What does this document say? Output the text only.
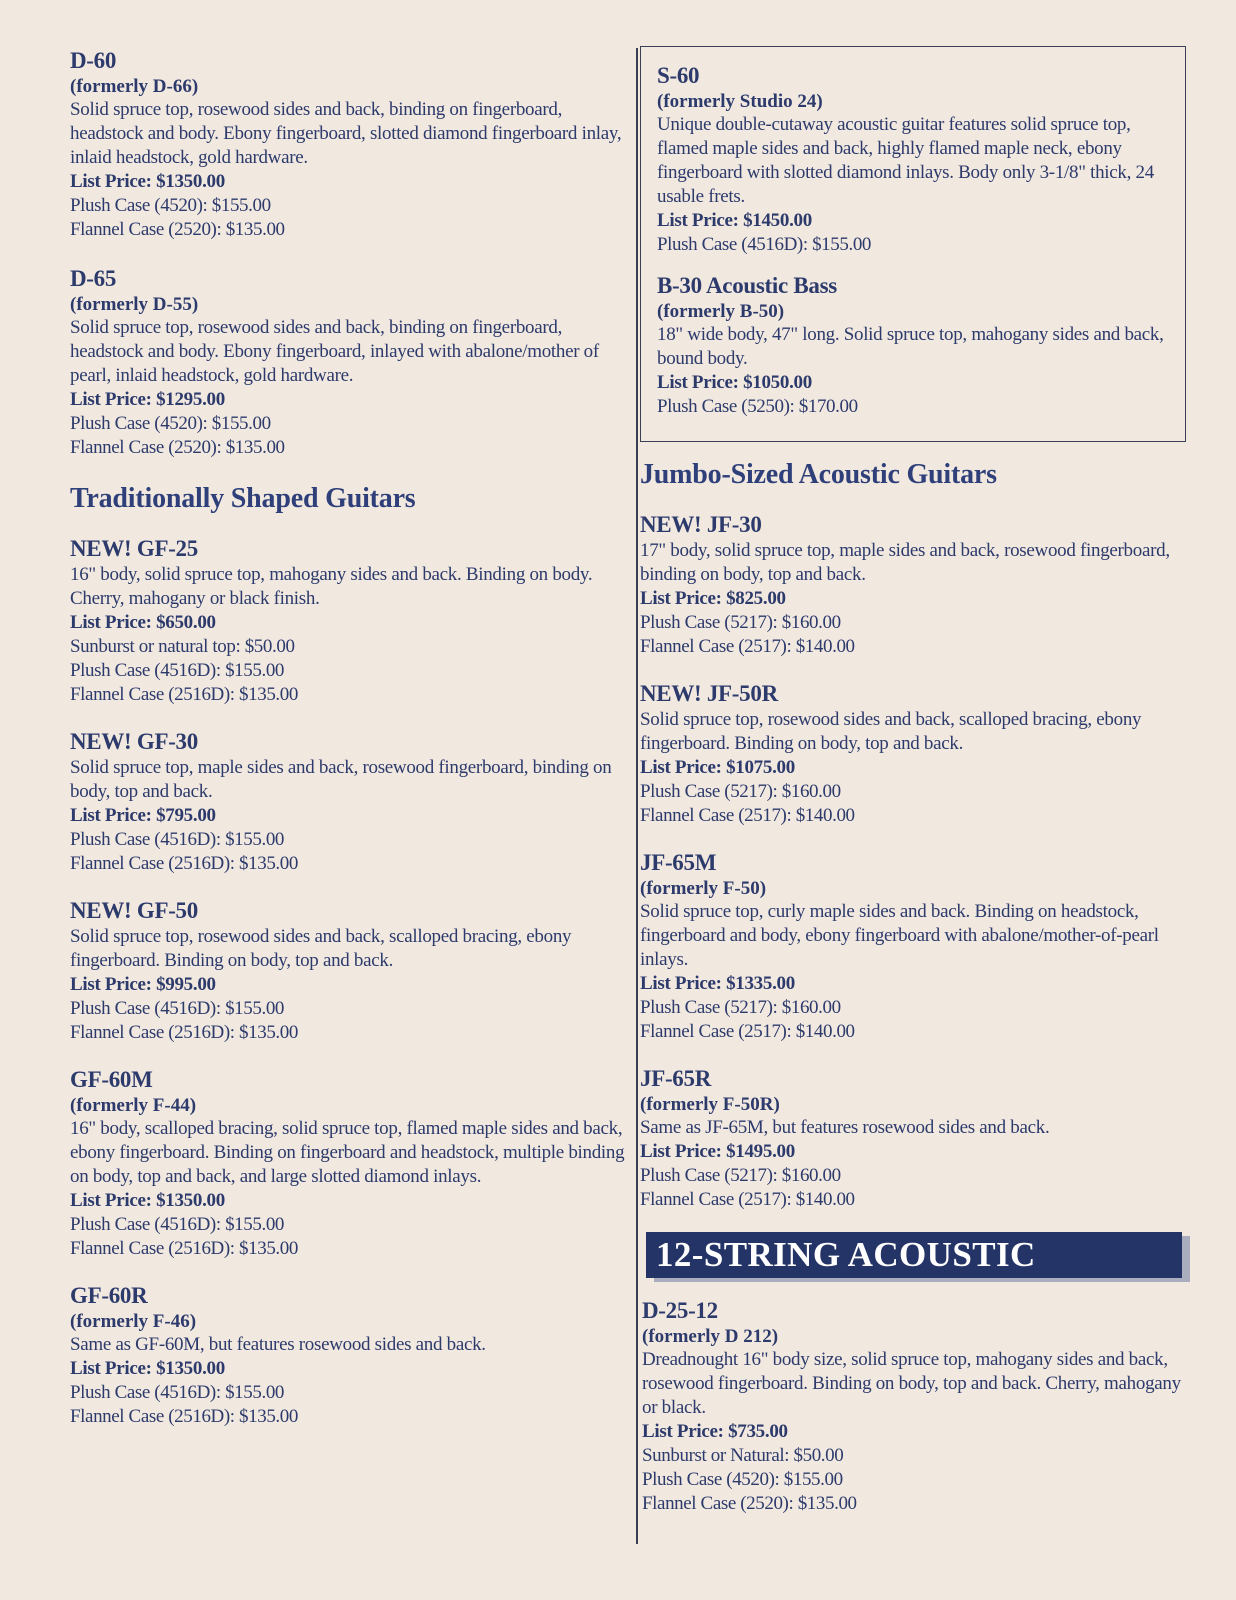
D-60
(formerly D-66)
Solid spruce top, rosewood sides and back, binding on fingerboard, headstock and body. Ebony fingerboard, slotted diamond fingerboard inlay, inlaid headstock, gold hardware.
List Price: $1350.00
Plush Case (4520): $155.00
Flannel Case (2520): $135.00
D-65
(formerly D-55)
Solid spruce top, rosewood sides and back, binding on fingerboard, headstock and body. Ebony fingerboard, inlayed with abalone/mother of pearl, inlaid headstock, gold hardware.
List Price: $1295.00
Plush Case (4520): $155.00
Flannel Case (2520): $135.00
Traditionally Shaped Guitars
NEW! GF-25
16" body, solid spruce top, mahogany sides and back. Binding on body. Cherry, mahogany or black finish.
List Price: $650.00
Sunburst or natural top: $50.00
Plush Case (4516D): $155.00
Flannel Case (2516D): $135.00
NEW! GF-30
Solid spruce top, maple sides and back, rosewood fingerboard, binding on body, top and back.
List Price: $795.00
Plush Case (4516D): $155.00
Flannel Case (2516D): $135.00
NEW! GF-50
Solid spruce top, rosewood sides and back, scalloped bracing, ebony fingerboard. Binding on body, top and back.
List Price: $995.00
Plush Case (4516D): $155.00
Flannel Case (2516D): $135.00
GF-60M
(formerly F-44)
16" body, scalloped bracing, solid spruce top, flamed maple sides and back, ebony fingerboard. Binding on fingerboard and headstock, multiple binding on body, top and back, and large slotted diamond inlays.
List Price: $1350.00
Plush Case (4516D): $155.00
Flannel Case (2516D): $135.00
GF-60R
(formerly F-46)
Same as GF-60M, but features rosewood sides and back.
List Price: $1350.00
Plush Case (4516D): $155.00
Flannel Case (2516D): $135.00
S-60
(formerly Studio 24)
Unique double-cutaway acoustic guitar features solid spruce top, flamed maple sides and back, highly flamed maple neck, ebony fingerboard with slotted diamond inlays. Body only 3-1/8" thick, 24 usable frets.
List Price: $1450.00
Plush Case (4516D): $155.00
B-30 Acoustic Bass
(formerly B-50)
18" wide body, 47" long. Solid spruce top, mahogany sides and back, bound body.
List Price: $1050.00
Plush Case (5250): $170.00
Jumbo-Sized Acoustic Guitars
NEW! JF-30
17" body, solid spruce top, maple sides and back, rosewood fingerboard, binding on body, top and back.
List Price: $825.00
Plush Case (5217): $160.00
Flannel Case (2517): $140.00
NEW! JF-50R
Solid spruce top, rosewood sides and back, scalloped bracing, ebony fingerboard. Binding on body, top and back.
List Price: $1075.00
Plush Case (5217): $160.00
Flannel Case (2517): $140.00
JF-65M
(formerly F-50)
Solid spruce top, curly maple sides and back. Binding on headstock, fingerboard and body, ebony fingerboard with abalone/mother-of-pearl inlays.
List Price: $1335.00
Plush Case (5217): $160.00
Flannel Case (2517): $140.00
JF-65R
(formerly F-50R)
Same as JF-65M, but features rosewood sides and back.
List Price: $1495.00
Plush Case (5217): $160.00
Flannel Case (2517): $140.00
12-STRING ACOUSTIC
D-25-12
(formerly D 212)
Dreadnought 16" body size, solid spruce top, mahogany sides and back, rosewood fingerboard. Binding on body, top and back. Cherry, mahogany or black.
List Price: $735.00
Sunburst or Natural: $50.00
Plush Case (4520): $155.00
Flannel Case (2520): $135.00
